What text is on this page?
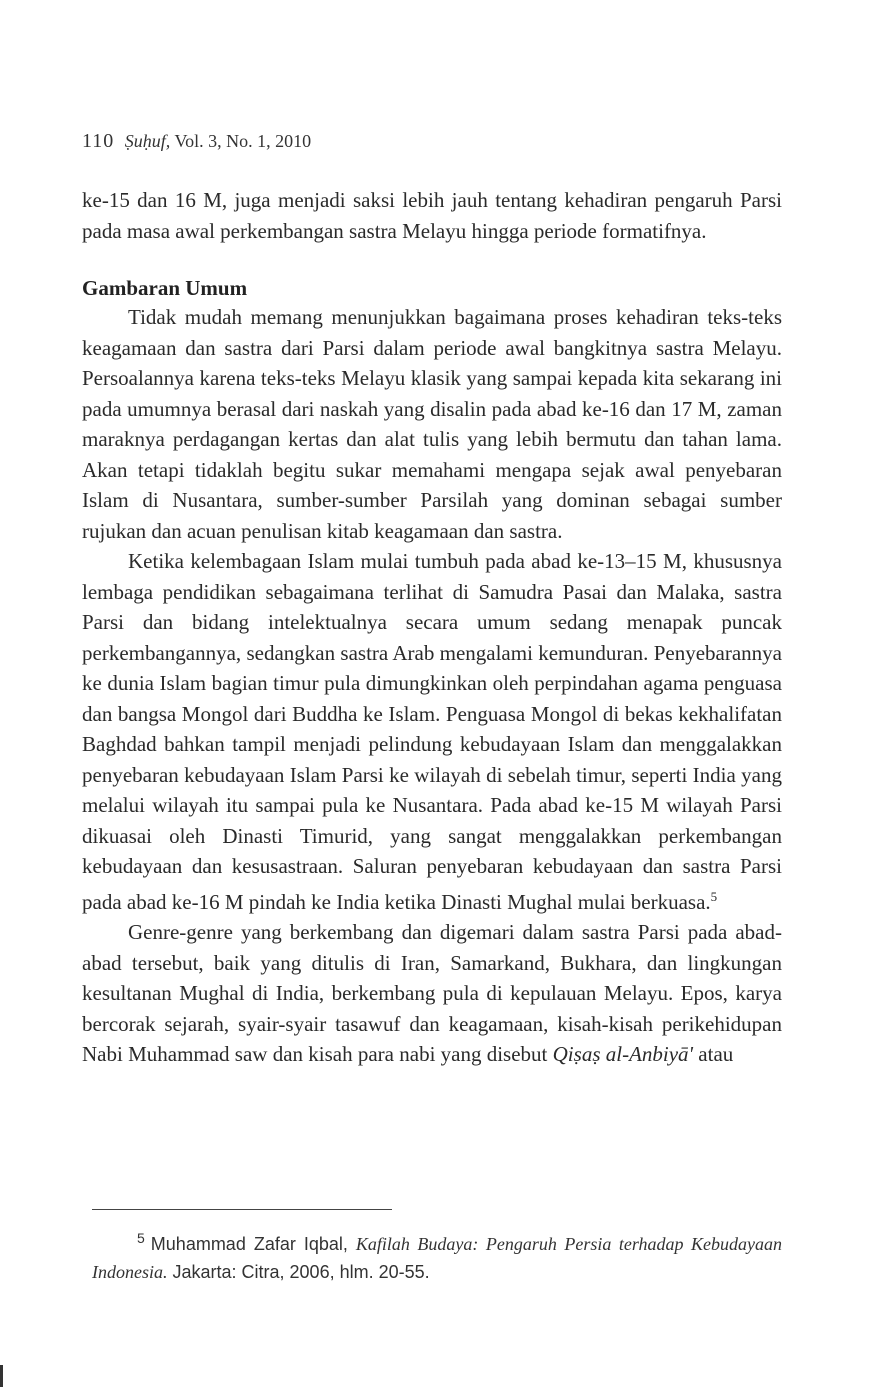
110 Ṣuḥuf, Vol. 3, No. 1, 2010

ke-15 dan 16 M, juga menjadi saksi lebih jauh tentang kehadiran pengaruh Parsi pada masa awal perkembangan sastra Melayu hingga periode formatifnya.

Gambaran Umum

Tidak mudah memang menunjukkan bagaimana proses kehadiran teks-teks keagamaan dan sastra dari Parsi dalam periode awal bangkitnya sastra Melayu. Persoalannya karena teks-teks Melayu klasik yang sampai kepada kita sekarang ini pada umumnya berasal dari naskah yang disalin pada abad ke-16 dan 17 M, zaman maraknya perdagangan kertas dan alat tulis yang lebih bermutu dan tahan lama. Akan tetapi tidaklah begitu sukar memahami mengapa sejak awal penyebaran Islam di Nusantara, sumber-sumber Parsilah yang dominan sebagai sumber rujukan dan acuan penulisan kitab keagamaan dan sastra.

Ketika kelembagaan Islam mulai tumbuh pada abad ke-13–15 M, khususnya lembaga pendidikan sebagaimana terlihat di Samudra Pasai dan Malaka, sastra Parsi dan bidang intelektualnya secara umum sedang menapak puncak perkembangannya, sedangkan sastra Arab mengalami kemunduran. Penyebarannya ke dunia Islam bagian timur pula dimungkinkan oleh perpindahan agama penguasa dan bangsa Mongol dari Buddha ke Islam. Penguasa Mongol di bekas kekhalifatan Baghdad bahkan tampil menjadi pelindung kebudayaan Islam dan menggalakkan penyebaran kebudayaan Islam Parsi ke wilayah di sebelah timur, seperti India yang melalui wilayah itu sampai pula ke Nusantara. Pada abad ke-15 M wilayah Parsi dikuasai oleh Dinasti Timurid, yang sangat menggalakkan perkembangan kebudayaan dan kesusastraan. Saluran penyebaran kebudayaan dan sastra Parsi pada abad ke-16 M pindah ke India ketika Dinasti Mughal mulai berkuasa.$^5$

Genre-genre yang berkembang dan digemari dalam sastra Parsi pada abad-abad tersebut, baik yang ditulis di Iran, Samarkand, Bukhara, dan lingkungan kesultanan Mughal di India, berkembang pula di kepulauan Melayu. Epos, karya bercorak sejarah, syair-syair tasawuf dan keagamaan, kisah-kisah perikehidupan Nabi Muhammad saw dan kisah para nabi yang disebut Qiṣaṣ al-Anbiyā' atau

$^5$ Muhammad Zafar Iqbal, Kafilah Budaya: Pengaruh Persia terhadap Kebudayaan Indonesia. Jakarta: Citra, 2006, hlm. 20-55.
